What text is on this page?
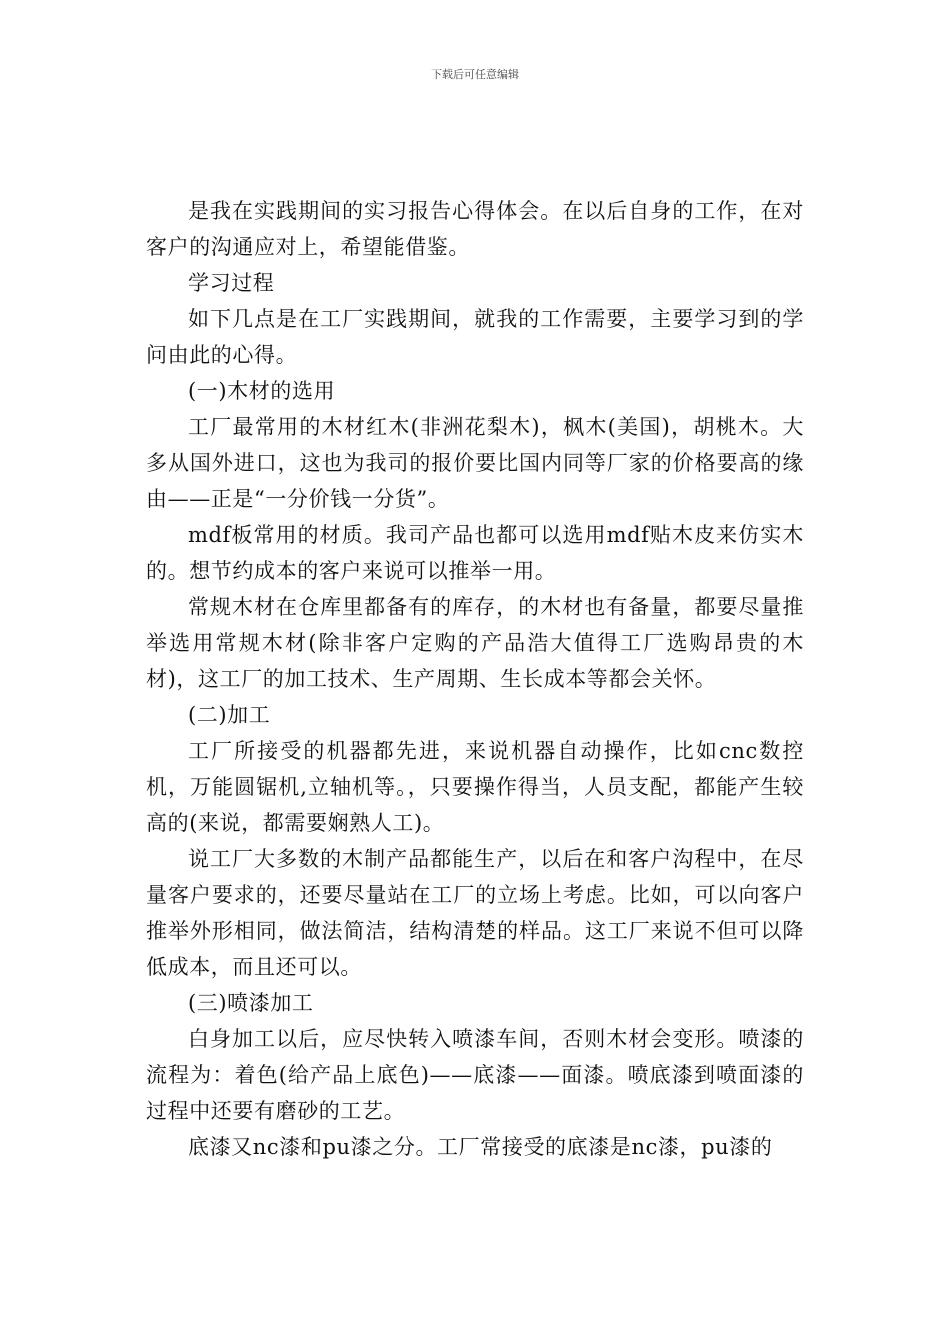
下载后可任意编辑

是我在实践期间的实习报告心得体会。在以后自身的工作，在对客户的沟通应对上，希望能借鉴。

学习过程

如下几点是在工厂实践期间，就我的工作需要，主要学习到的学问由此的心得。

(一)木材的选用

工厂最常用的木材红木(非洲花梨木)，枫木(美国)，胡桃木。大多从国外进口，这也为我司的报价要比国内同等厂家的价格要高的缘由——正是“一分价钱一分货”。

mdf板常用的材质。我司产品也都可以选用mdf贴木皮来仿实木的。想节约成本的客户来说可以推举一用。

常规木材在仓库里都备有的库存，的木材也有备量，都要尽量推举选用常规木材(除非客户定购的产品浩大值得工厂选购昂贵的木材)，这工厂的加工技术、生产周期、生长成本等都会关怀。

(二)加工

工厂所接受的机器都先进，来说机器自动操作，比如cnc数控机，万能圆锯机,立轴机等。，只要操作得当，人员支配，都能产生较高的(来说，都需要娴熟人工)。

说工厂大多数的木制产品都能生产，以后在和客户沟程中，在尽量客户要求的，还要尽量站在工厂的立场上考虑。比如，可以向客户推举外形相同，做法简洁，结构清楚的样品。这工厂来说不但可以降低成本，而且还可以。

(三)喷漆加工

白身加工以后，应尽快转入喷漆车间，否则木材会变形。喷漆的流程为：着色(给产品上底色)——底漆——面漆。喷底漆到喷面漆的过程中还要有磨砂的工艺。

底漆又nc漆和pu漆之分。工厂常接受的底漆是nc漆，pu漆的
